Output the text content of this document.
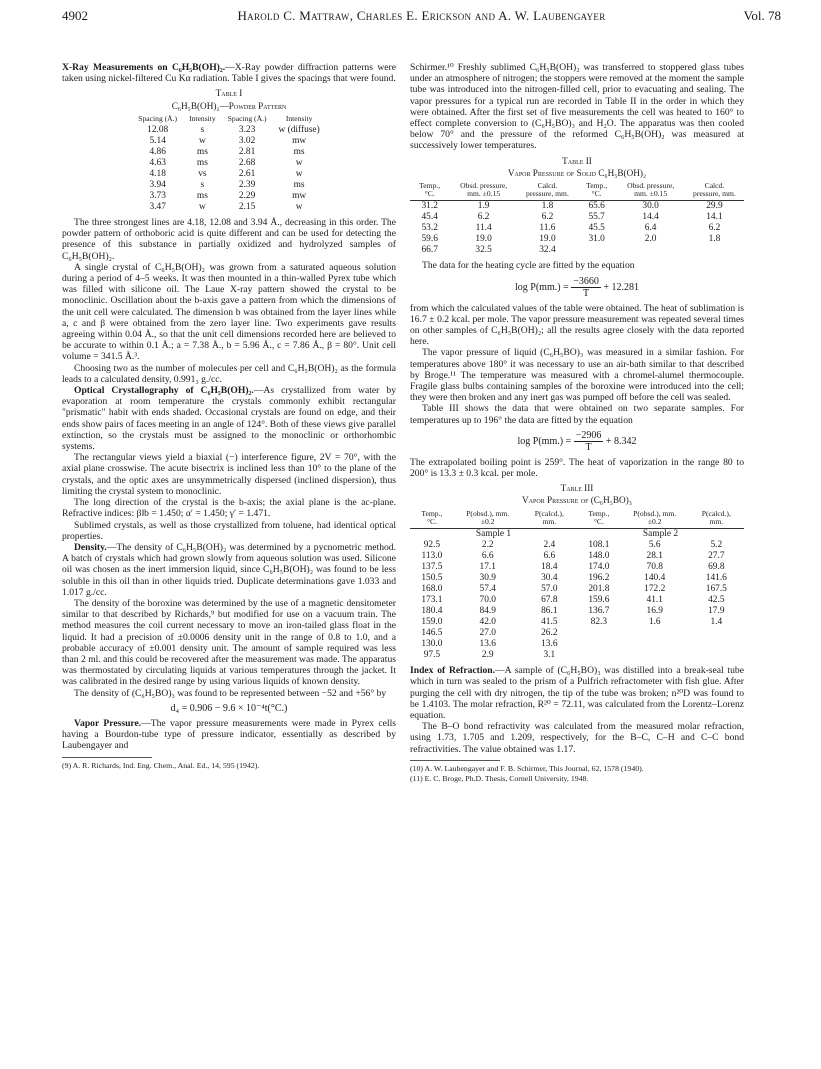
4902	Harold C. Mattraw, Charles E. Erickson and A. W. Laubengayer	Vol. 78

X-Ray Measurements on C₆H₅B(OH)₂.—X-Ray powder diffraction patterns were taken using nickel-filtered Cu Kα radiation. Table I gives the spacings that were found.

Table I
C₆H₅B(OH)₂—Powder Pattern
Spacing (Å.)	Intensity	Spacing (Å.)	Intensity
12.08	s	3.23	w (diffuse)
5.14	w	3.02	mw
4.86	ms	2.81	ms
4.63	ms	2.68	w
4.18	vs	2.61	w
3.94	s	2.39	ms
3.73	ms	2.29	mw
3.47	w	2.15	w

The three strongest lines are 4.18, 12.08 and 3.94 Å., decreasing in this order. The powder pattern of orthoboric acid is quite different and can be used for detecting the presence of this substance in partially oxidized and hydrolyzed samples of C₆H₅B(OH)₂.

A single crystal of C₆H₅B(OH)₂ was grown from a saturated aqueous solution during a period of 4–5 weeks. It was then mounted in a thin-walled Pyrex tube which was filled with silicone oil. The Laue X-ray pattern showed the crystal to be monoclinic. Oscillation about the b-axis gave a pattern from which the dimensions of the unit cell were calculated. The dimension b was obtained from the layer lines while a, c and β were obtained from the zero layer line. Two experiments gave results agreeing within 0.04 Å., so that the unit cell dimensions recorded here are believed to be accurate to within 0.1 Å.; a = 7.38 Å., b = 5.96 Å., c = 7.86 Å., β = 80°. Unit cell volume = 341.5 Å.³.

Choosing two as the number of molecules per cell and C₆H₅B(OH)₂ as the formula leads to a calculated density, 0.991₃ g./cc.

Optical Crystallography of C₆H₅B(OH)₂.—As crystallized from water by evaporation at room temperature the crystals commonly exhibit rectangular "prismatic" habit with ends shaded. Occasional crystals are found on edge, and their ends show pairs of faces meeting in an angle of 124°. Both of these views give parallel extinction, so the crystals must be assigned to the monoclinic or orthorhombic systems.

The rectangular views yield a biaxial (−) interference figure, 2V = 70°, with the axial plane crosswise. The acute bisectrix is inclined less than 10° to the plane of the crystals, and the optic axes are unsymmetrically dispersed (inclined dispersion), thus limiting the crystal system to monoclinic.

The long direction of the crystal is the b-axis; the axial plane is the ac-plane. Refractive indices: β‖b = 1.450; α′ = 1.450; γ′ = 1.471.

Sublimed crystals, as well as those crystallized from toluene, had identical optical properties.

Density.—The density of C₆H₅B(OH)₂ was determined by a pycnometric method. A batch of crystals which had grown slowly from aqueous solution was used. Silicone oil was chosen as the inert immersion liquid, since C₆H₅B(OH)₂ was found to be less soluble in this oil than in other liquids tried. Duplicate determinations gave 1.033 and 1.017 g./cc.

The density of the boroxine was determined by the use of a magnetic densitometer similar to that described by Richards,⁹ but modified for use on a vacuum train. The method measures the coil current necessary to move an iron-tailed glass float in the liquid. It had a precision of ±0.0006 density unit in the range of 0.8 to 1.0, and a probable accuracy of ±0.001 density unit. The amount of sample required was less than 2 ml. and this could be recovered after the measurement was made. The apparatus was thermostated by circulating liquids at various temperatures through the jacket. It was calibrated in the desired range by using various liquids of known density.

The density of (C₆H₅BO)₃ was found to be represented between −52 and +56° by

d₄ = 0.906 − 9.6 × 10⁻⁴t(°C.)

Vapor Pressure.—The vapor pressure measurements were made in Pyrex cells having a Bourdon-tube type of pressure indicator, essentially as described by Laubengayer and

(9) A. R. Richards, Ind. Eng. Chem., Anal. Ed., 14, 595 (1942).

Schirmer.¹⁰ Freshly sublimed C₆H₅B(OH)₂ was transferred to stoppered glass tubes under an atmosphere of nitrogen; the stoppers were removed at the moment the sample tube was introduced into the nitrogen-filled cell, prior to evacuating and sealing. The vapor pressures for a typical run are recorded in Table II in the order in which they were obtained. After the first set of five measurements the cell was heated to 160° to effect complete conversion to (C₆H₅BO)₃ and H₂O. The apparatus was then cooled below 70° and the pressure of the reformed C₆H₅B(OH)₂ was measured at successively lower temperatures.

Table II
Vapor Pressure of Solid C₆H₅B(OH)₂
Temp., °C.	Obsd. pressure, mm. ±0.15	Calcd. pressure, mm.	Temp., °C.	Obsd. pressure, mm. ±0.15	Calcd. pressure, mm.
31.2	1.9	1.8	65.6	30.0	29.9
45.4	6.2	6.2	55.7	14.4	14.1
53.2	11.4	11.6	45.5	6.4	6.2
59.6	19.0	19.0	31.0	2.0	1.8
66.7	32.5	32.4			

The data for the heating cycle are fitted by the equation

$\log P(mm.) = \frac{-3660}{T} + 12.281$

from which the calculated values of the table were obtained. The heat of sublimation is 16.7 ± 0.2 kcal. per mole. The vapor pressure measurement was repeated several times on other samples of C₆H₅B(OH)₂; all the results agree closely with the data reported here.

The vapor pressure of liquid (C₆H₅BO)₃ was measured in a similar fashion. For temperatures above 180° it was necessary to use an air-bath similar to that described by Broge.¹¹ The temperature was measured with a chromel-alumel thermocouple. Fragile glass bulbs containing samples of the boroxine were introduced into the cell; they were then broken and any inert gas was pumped off before the cell was sealed.

Table III shows the data that were obtained on two separate samples. For temperatures up to 196° the data are fitted by the equation

$\log P(mm.) = \frac{-2906}{T} + 8.342$

The extrapolated boiling point is 259°. The heat of vaporization in the range 80 to 200° is 13.3 ± 0.3 kcal. per mole.

Table III
Vapor Pressure of (C₆H₅BO)₃
Temp., °C.	P(obsd.), mm. ±0.2	P(calcd.), mm.	Temp., °C.	P(obsd.), mm. ±0.2	P(calcd.), mm.
Sample 1			Sample 2		
92.5	2.2	2.4	108.1	5.6	5.2
113.0	6.6	6.6	148.0	28.1	27.7
137.5	17.1	18.4	174.0	70.8	69.8
150.5	30.9	30.4	196.2	140.4	141.6
168.0	57.4	57.0	201.8	172.2	167.5
173.1	70.0	67.8	159.6	41.1	42.5
180.4	84.9	86.1	136.7	16.9	17.9
159.0	42.0	41.5	82.3	1.6	1.4
146.5	27.0	26.2			
130.0	13.6	13.6			
97.5	2.9	3.1			

Index of Refraction.—A sample of (C₆H₅BO)₃ was distilled into a break-seal tube which in turn was sealed to the prism of a Pulfrich refractometer with fish glue. After purging the cell with dry nitrogen, the tip of the tube was broken; n²⁰D was found to be 1.4103. The molar refraction, R²⁰ = 72.11, was calculated from the Lorentz–Lorenz equation.

The B–O bond refractivity was calculated from the measured molar refraction, using 1.73, 1.705 and 1.209, respectively, for the B–C, C–H and C–C bond refractivities. The value obtained was 1.17.

(10) A. W. Laubengayer and F. B. Schirmer, This Journal, 62, 1578 (1940).

(11) E. C. Broge, Ph.D. Thesis, Cornell University, 1948.
